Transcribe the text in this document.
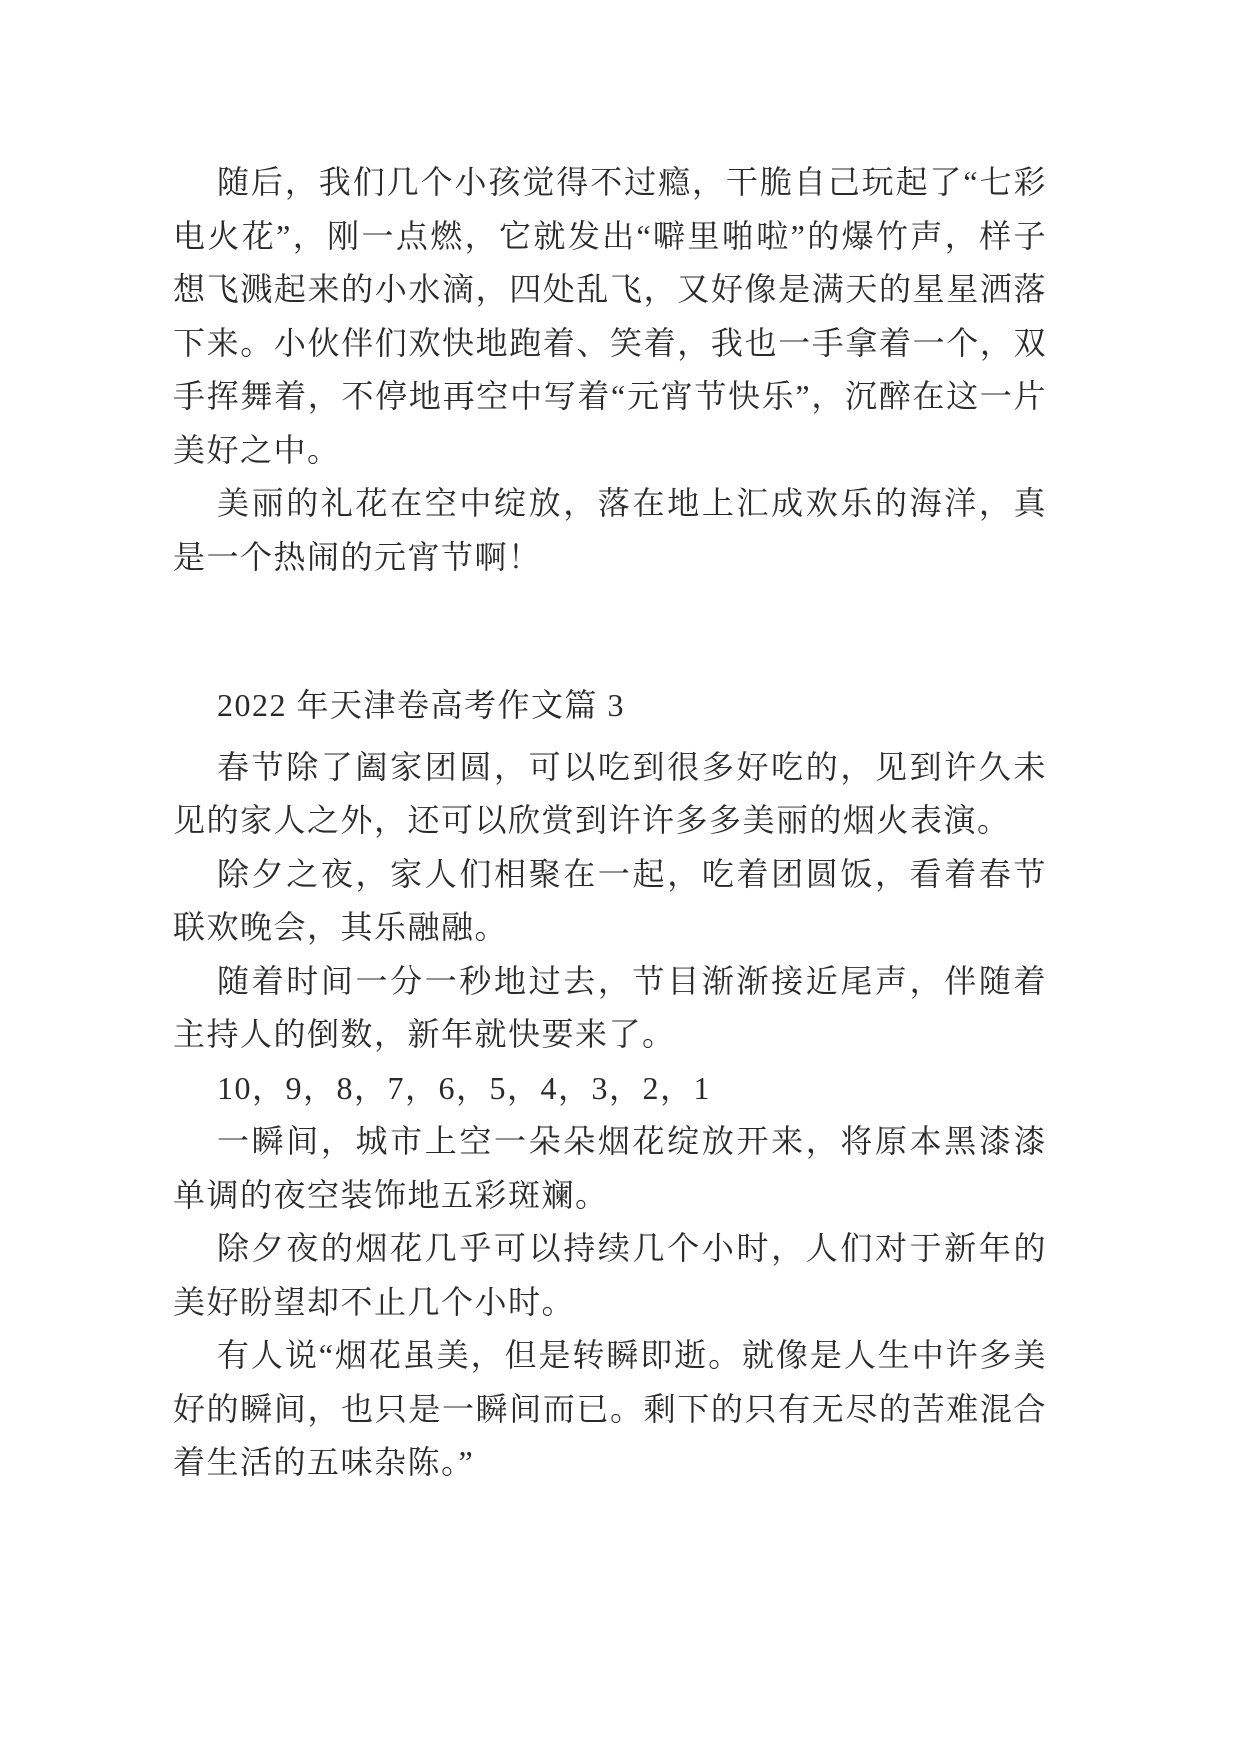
随后，我们几个小孩觉得不过瘾，干脆自己玩起了“七彩电火花”，刚一点燃，它就发出“噼里啪啦”的爆竹声，样子想飞溅起来的小水滴，四处乱飞，又好像是满天的星星洒落下来。小伙伴们欢快地跑着、笑着，我也一手拿着一个，双手挥舞着，不停地再空中写着“元宵节快乐”，沉醉在这一片美好之中。

美丽的礼花在空中绽放，落在地上汇成欢乐的海洋，真是一个热闹的元宵节啊！

2022 年天津卷高考作文篇 3

春节除了阖家团圆，可以吃到很多好吃的，见到许久未见的家人之外，还可以欣赏到许许多多美丽的烟火表演。

除夕之夜，家人们相聚在一起，吃着团圆饭，看着春节联欢晚会，其乐融融。

随着时间一分一秒地过去，节目渐渐接近尾声，伴随着主持人的倒数，新年就快要来了。

10，9，8，7，6，5，4，3，2，1

一瞬间，城市上空一朵朵烟花绽放开来，将原本黑漆漆单调的夜空装饰地五彩斑斓。

除夕夜的烟花几乎可以持续几个小时，人们对于新年的美好盼望却不止几个小时。

有人说“烟花虽美，但是转瞬即逝。就像是人生中许多美好的瞬间，也只是一瞬间而已。剩下的只有无尽的苦难混合着生活的五味杂陈。”
